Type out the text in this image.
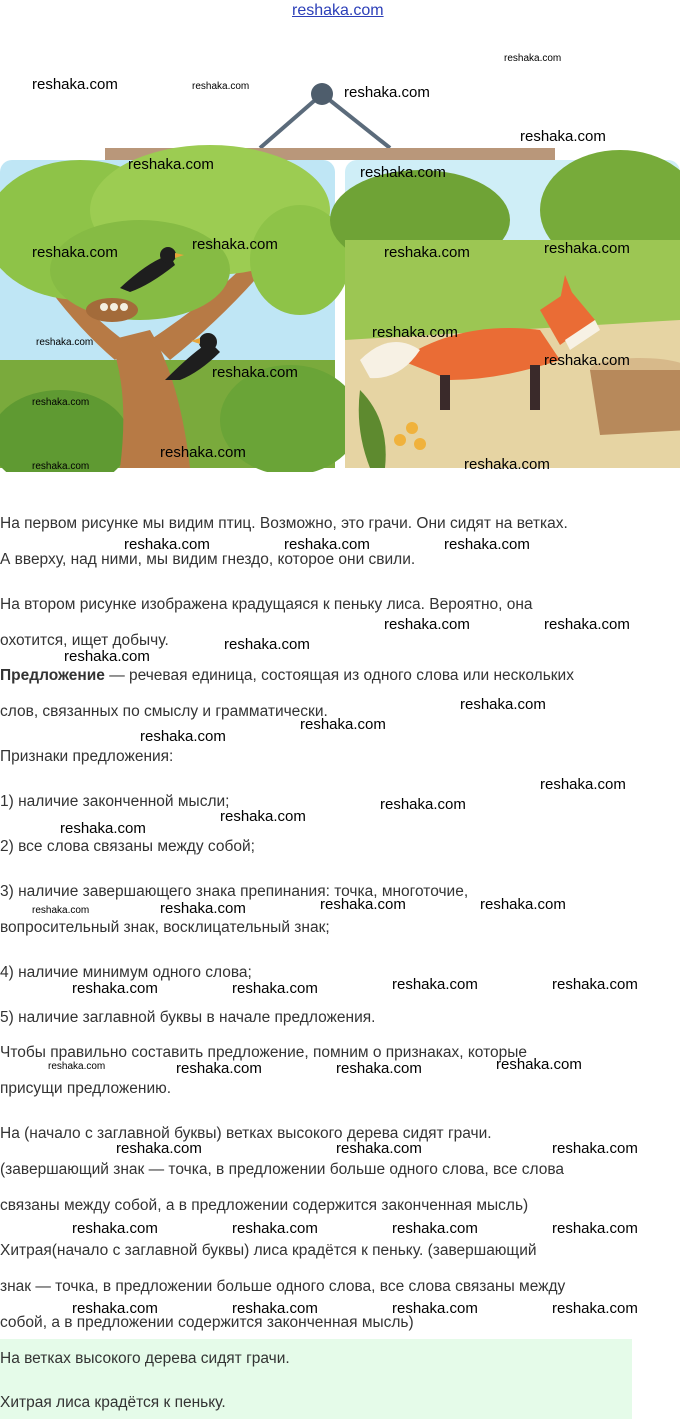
reshaka.com
На первом рисунке мы видим птиц. Возможно, это грачи. Они сидят на ветках.
А вверху, над ними, мы видим гнездо, которое они свили.
На втором рисунке изображена крадущаяся к пеньку лиса. Вероятно, она
охотится, ищет добычу.
Предложение — речевая единица, состоящая из одного слова или нескольких
слов, связанных по смыслу и грамматически.
Признаки предложения:
1) наличие законченной мысли;
2) все слова связаны между собой;
3) наличие завершающего знака препинания: точка, многоточие,
вопросительный знак, восклицательный знак;
4) наличие минимум одного слова;
5) наличие заглавной буквы в начале предложения.
Чтобы правильно составить предложение, помним о признаках, которые
присущи предложению.
На (начало с заглавной буквы) ветках высокого дерева сидят грачи.
(завершающий знак — точка, в предложении больше одного слова, все слова
связаны между собой, а в предложении содержится законченная мысль)
Хитрая(начало с заглавной буквы) лиса крадётся к пеньку. (завершающий
знак — точка, в предложении больше одного слова, все слова связаны между
собой, а в предложении содержится законченная мысль)
На ветках высокого дерева сидят грачи.
Хитрая лиса крадётся к пеньку.
reshaka.com	reshaka.com	reshaka.com
reshaka.com
reshaka.com
reshaka.com	reshaka.com
reshaka.com
reshaka.com	reshaka.com	reshaka.com
reshaka.com
reshaka.com
reshaka.com
reshaka.com
reshaka.com
reshaka.com
reshaka.com	reshaka.com
reshaka.com	reshaka.com	reshaka.com
reshaka.com	reshaka.com
reshaka.com
reshaka.com
reshaka.com
reshaka.com
reshaka.com
reshaka.com
reshaka.com
reshaka.com
reshaka.com
reshaka.com	reshaka.com
reshaka.com
reshaka.com
reshaka.com	reshaka.com
reshaka.com	reshaka.com
reshaka.com
reshaka.com	reshaka.com	reshaka.com
reshaka.com	reshaka.com	reshaka.com
reshaka.com	reshaka.com	reshaka.com	reshaka.com
reshaka.com	reshaka.com	reshaka.com	reshaka.com
